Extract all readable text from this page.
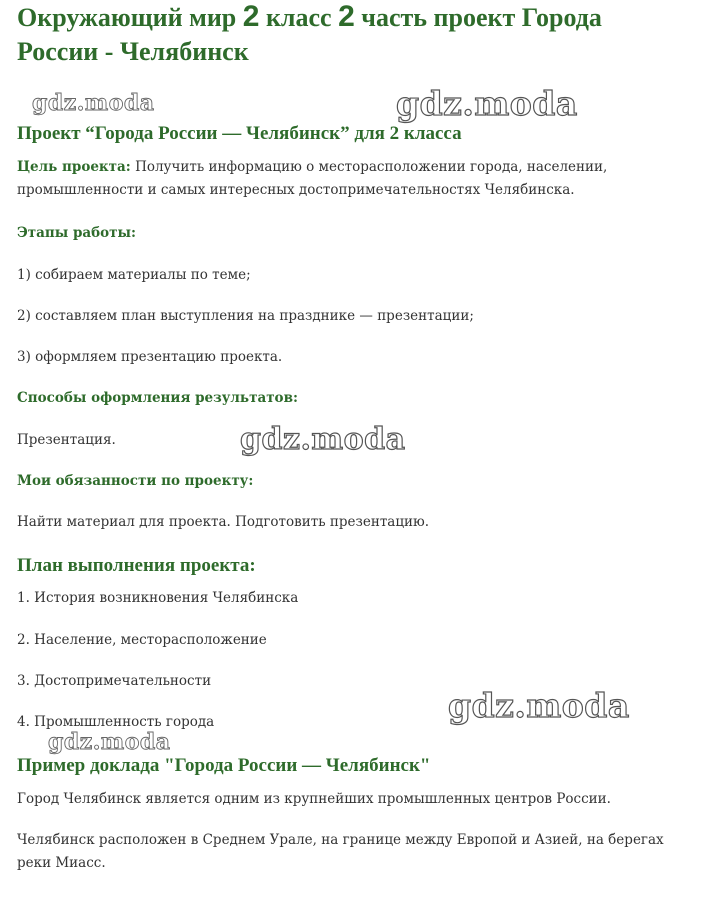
Окружающий мир 2 класс 2 часть проект Города России - Челябинск
Проект “Города России — Челябинск” для 2 класса

Цель проекта: Получить информацию о месторасположении города, населении, промышленности и самых интересных достопримечательностях Челябинска.

Этапы работы:

1) собираем материалы по теме;

2) составляем план выступления на празднике — презентации;

3) оформляем презентацию проекта.

Способы оформления результатов:

Презентация.

Мои обязанности по проекту:

Найти материал для проекта. Подготовить презентацию.

План выполнения проекта:

1. История возникновения Челябинска

2. Население, месторасположение

3. Достопримечательности

4. Промышленность города

Пример доклада "Города России — Челябинск"

Город Челябинск является одним из крупнейших промышленных центров России.

Челябинск расположен в Среднем Урале, на границе между Европой и Азией, на берегах реки Миасс.

gdz.moda	gdz.moda
gdz.moda
gdz.moda
gdz.moda
